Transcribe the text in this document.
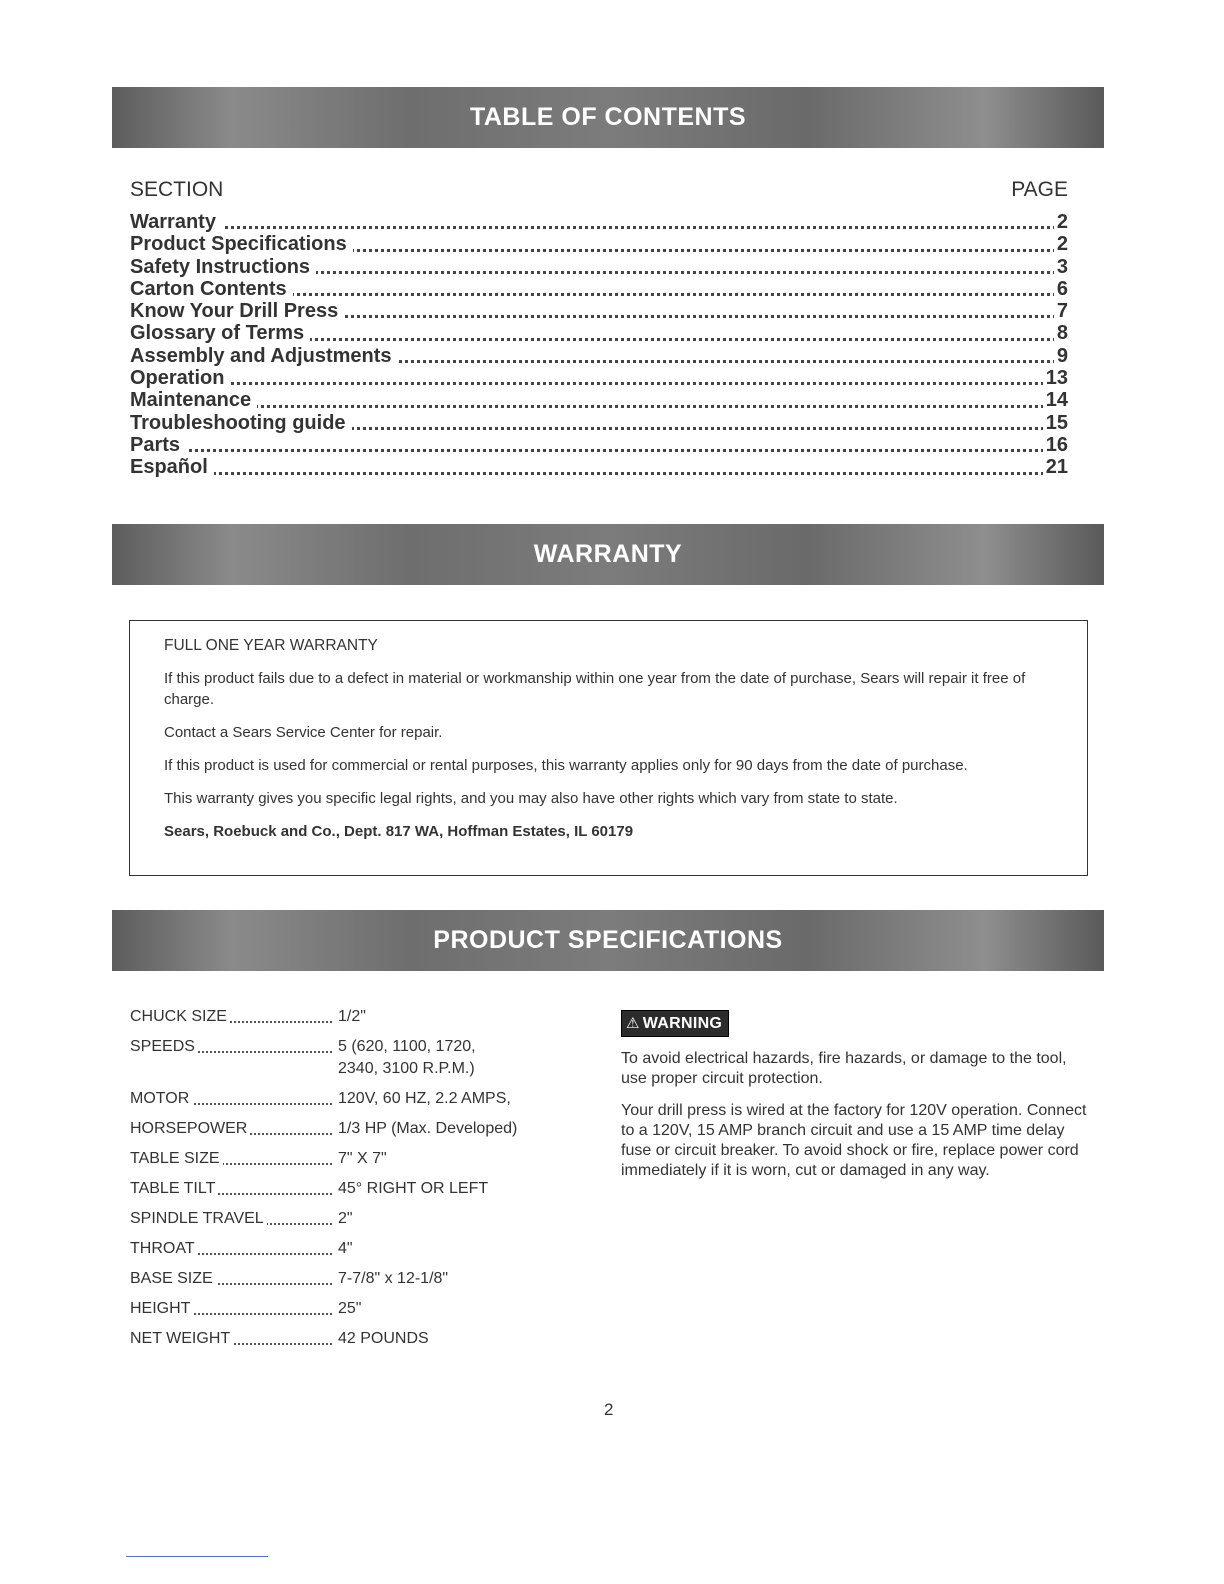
TABLE OF CONTENTS
SECTION	PAGE
Warranty	2
Product Specifications	2
Safety Instructions	3
Carton Contents	6
Know Your Drill Press	7
Glossary of Terms	8
Assembly and Adjustments	9
Operation	13
Maintenance	14
Troubleshooting guide	15
Parts	16
Español	21
WARRANTY

FULL ONE YEAR WARRANTY

If this product fails due to a defect in material or workmanship within one year from the date of purchase, Sears will repair it free of charge.

Contact a Sears Service Center for repair.

If this product is used for commercial or rental purposes, this warranty applies only for 90 days from the date of purchase.

This warranty gives you specific legal rights, and you may also have other rights which vary from state to state.

Sears, Roebuck and Co., Dept. 817 WA, Hoffman Estates, IL 60179

PRODUCT SPECIFICATIONS
CHUCK SIZE	1/2"
SPEEDS	5 (620, 1100, 1720,
2340, 3100 R.P.M.)
MOTOR	120V, 60 HZ, 2.2 AMPS,
HORSEPOWER	1/3 HP (Max. Developed)
TABLE SIZE	7" X 7"
TABLE TILT	45° RIGHT OR LEFT
SPINDLE TRAVEL	2"
THROAT	4"
BASE SIZE	7-7/8" x 12-1/8"
HEIGHT	25"
NET WEIGHT	42 POUNDS
⚠ WARNING

To avoid electrical hazards, fire hazards, or damage to the tool, use proper circuit protection.

Your drill press is wired at the factory for 120V operation. Connect to a 120V, 15 AMP branch circuit and use a 15 AMP time delay fuse or circuit breaker. To avoid shock or fire, replace power cord immediately if it is worn, cut or damaged in any way.

2
